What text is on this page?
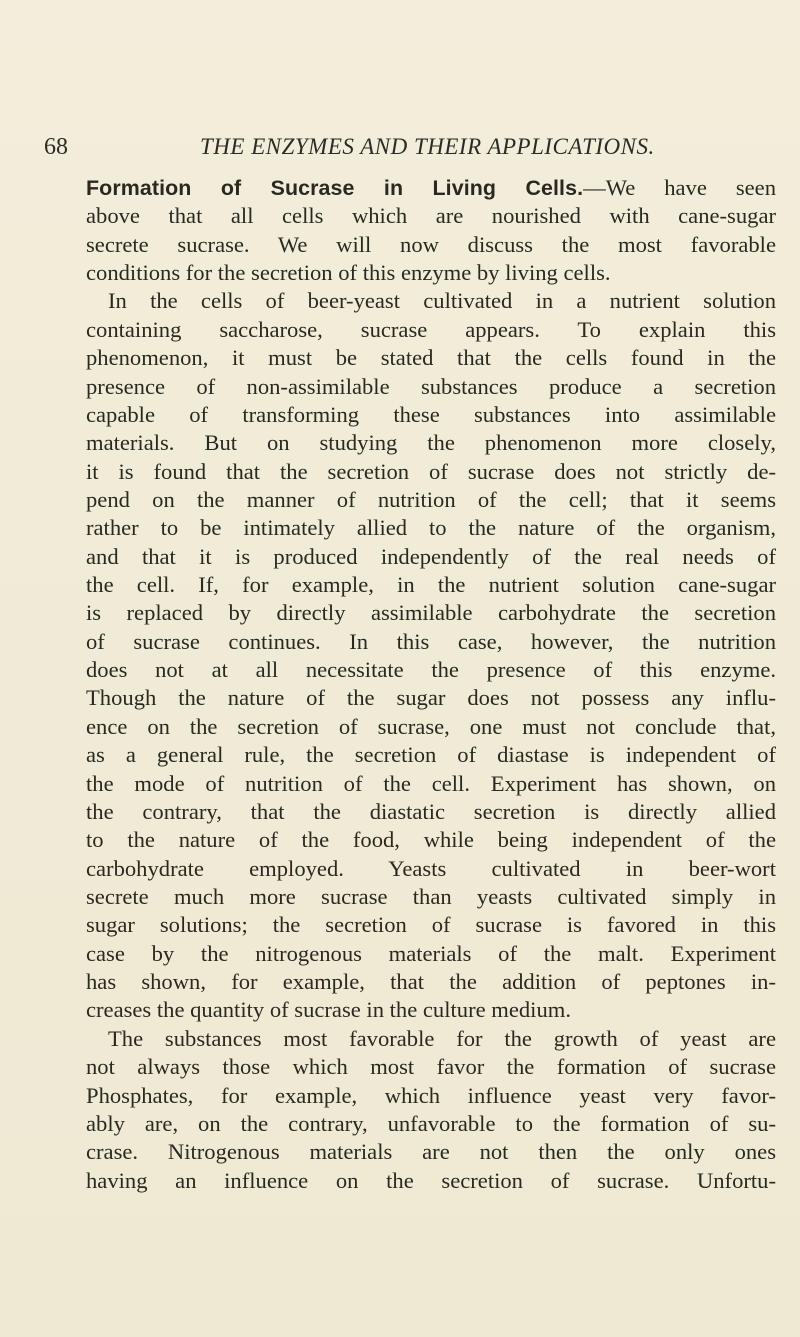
68	THE ENZYMES AND THEIR APPLICATIONS.
Formation of Sucrase in Living Cells.—We have seen
above that all cells which are nourished with cane-sugar
secrete sucrase. We will now discuss the most favorable
conditions for the secretion of this enzyme by living cells.
In the cells of beer-yeast cultivated in a nutrient solution
containing saccharose, sucrase appears. To explain this
phenomenon, it must be stated that the cells found in the
presence of non-assimilable substances produce a secretion
capable of transforming these substances into assimilable
materials. But on studying the phenomenon more closely,
it is found that the secretion of sucrase does not strictly de-
pend on the manner of nutrition of the cell; that it seems
rather to be intimately allied to the nature of the organism,
and that it is produced independently of the real needs of
the cell. If, for example, in the nutrient solution cane-sugar
is replaced by directly assimilable carbohydrate the secretion
of sucrase continues. In this case, however, the nutrition
does not at all necessitate the presence of this enzyme.
Though the nature of the sugar does not possess any influ-
ence on the secretion of sucrase, one must not conclude that,
as a general rule, the secretion of diastase is independent of
the mode of nutrition of the cell. Experiment has shown, on
the contrary, that the diastatic secretion is directly allied
to the nature of the food, while being independent of the
carbohydrate employed. Yeasts cultivated in beer-wort
secrete much more sucrase than yeasts cultivated simply in
sugar solutions; the secretion of sucrase is favored in this
case by the nitrogenous materials of the malt. Experiment
has shown, for example, that the addition of peptones in-
creases the quantity of sucrase in the culture medium.
The substances most favorable for the growth of yeast are
not always those which most favor the formation of sucrase
Phosphates, for example, which influence yeast very favor-
ably are, on the contrary, unfavorable to the formation of su-
crase. Nitrogenous materials are not then the only ones
having an influence on the secretion of sucrase. Unfortu-
